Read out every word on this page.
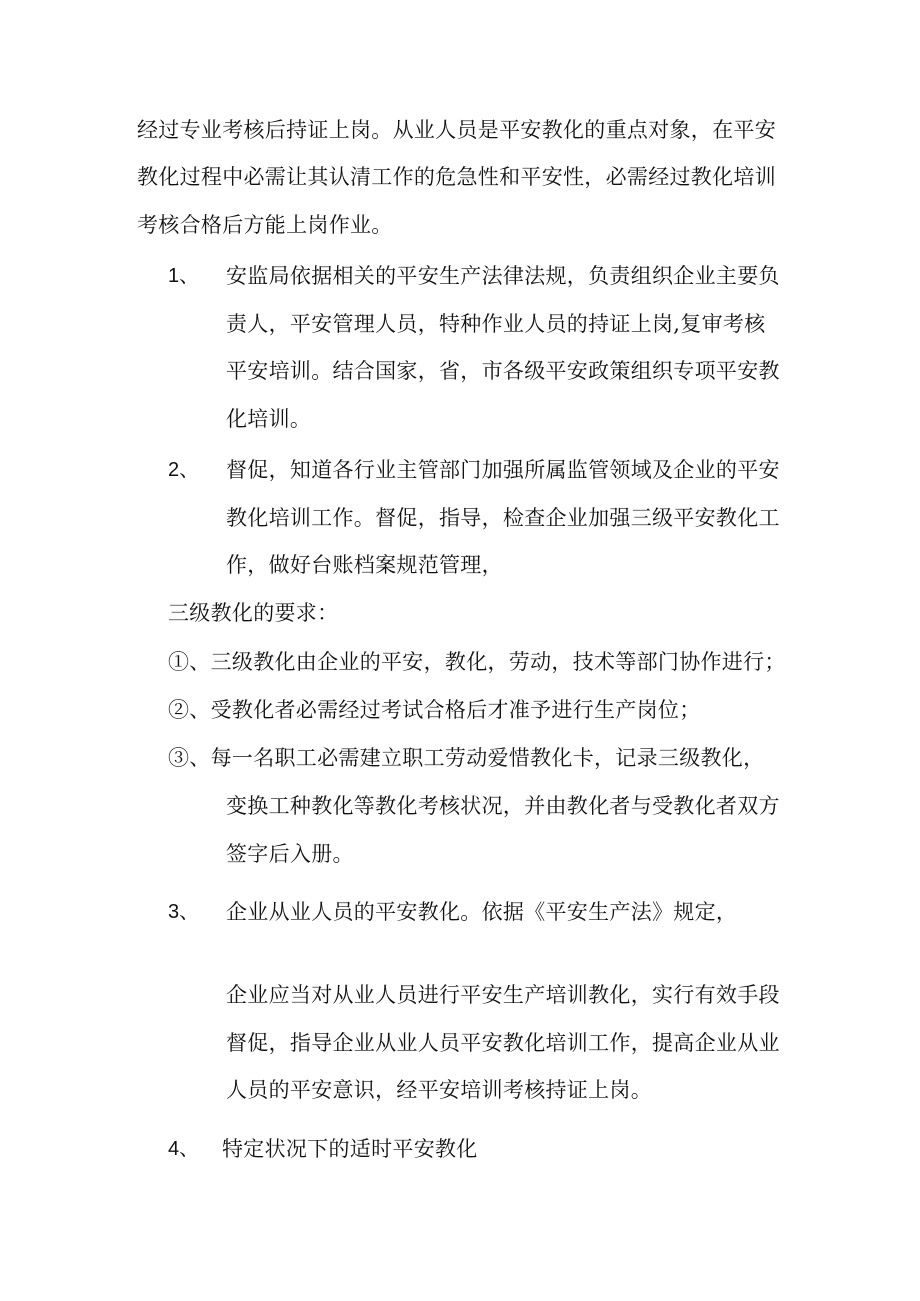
经过专业考核后持证上岗。从业人员是平安教化的重点对象，在平安

教化过程中必需让其认清工作的危急性和平安性，必需经过教化培训

考核合格后方能上岗作业。

1、 安监局依据相关的平安生产法律法规，负责组织企业主要负

责人，平安管理人员，特种作业人员的持证上岗,复审考核

平安培训。结合国家，省，市各级平安政策组织专项平安教

化培训。

2、 督促，知道各行业主管部门加强所属监管领域及企业的平安

教化培训工作。督促，指导，检查企业加强三级平安教化工

作，做好台账档案规范管理，

三级教化的要求：

①、三级教化由企业的平安，教化，劳动，技术等部门协作进行；

②、受教化者必需经过考试合格后才准予进行生产岗位；

③、每一名职工必需建立职工劳动爱惜教化卡，记录三级教化，

变换工种教化等教化考核状况，并由教化者与受教化者双方

签字后入册。

3、 企业从业人员的平安教化。依据《平安生产法》规定，

企业应当对从业人员进行平安生产培训教化，实行有效手段

督促，指导企业从业人员平安教化培训工作，提高企业从业

人员的平安意识，经平安培训考核持证上岗。

4、 特定状况下的适时平安教化
